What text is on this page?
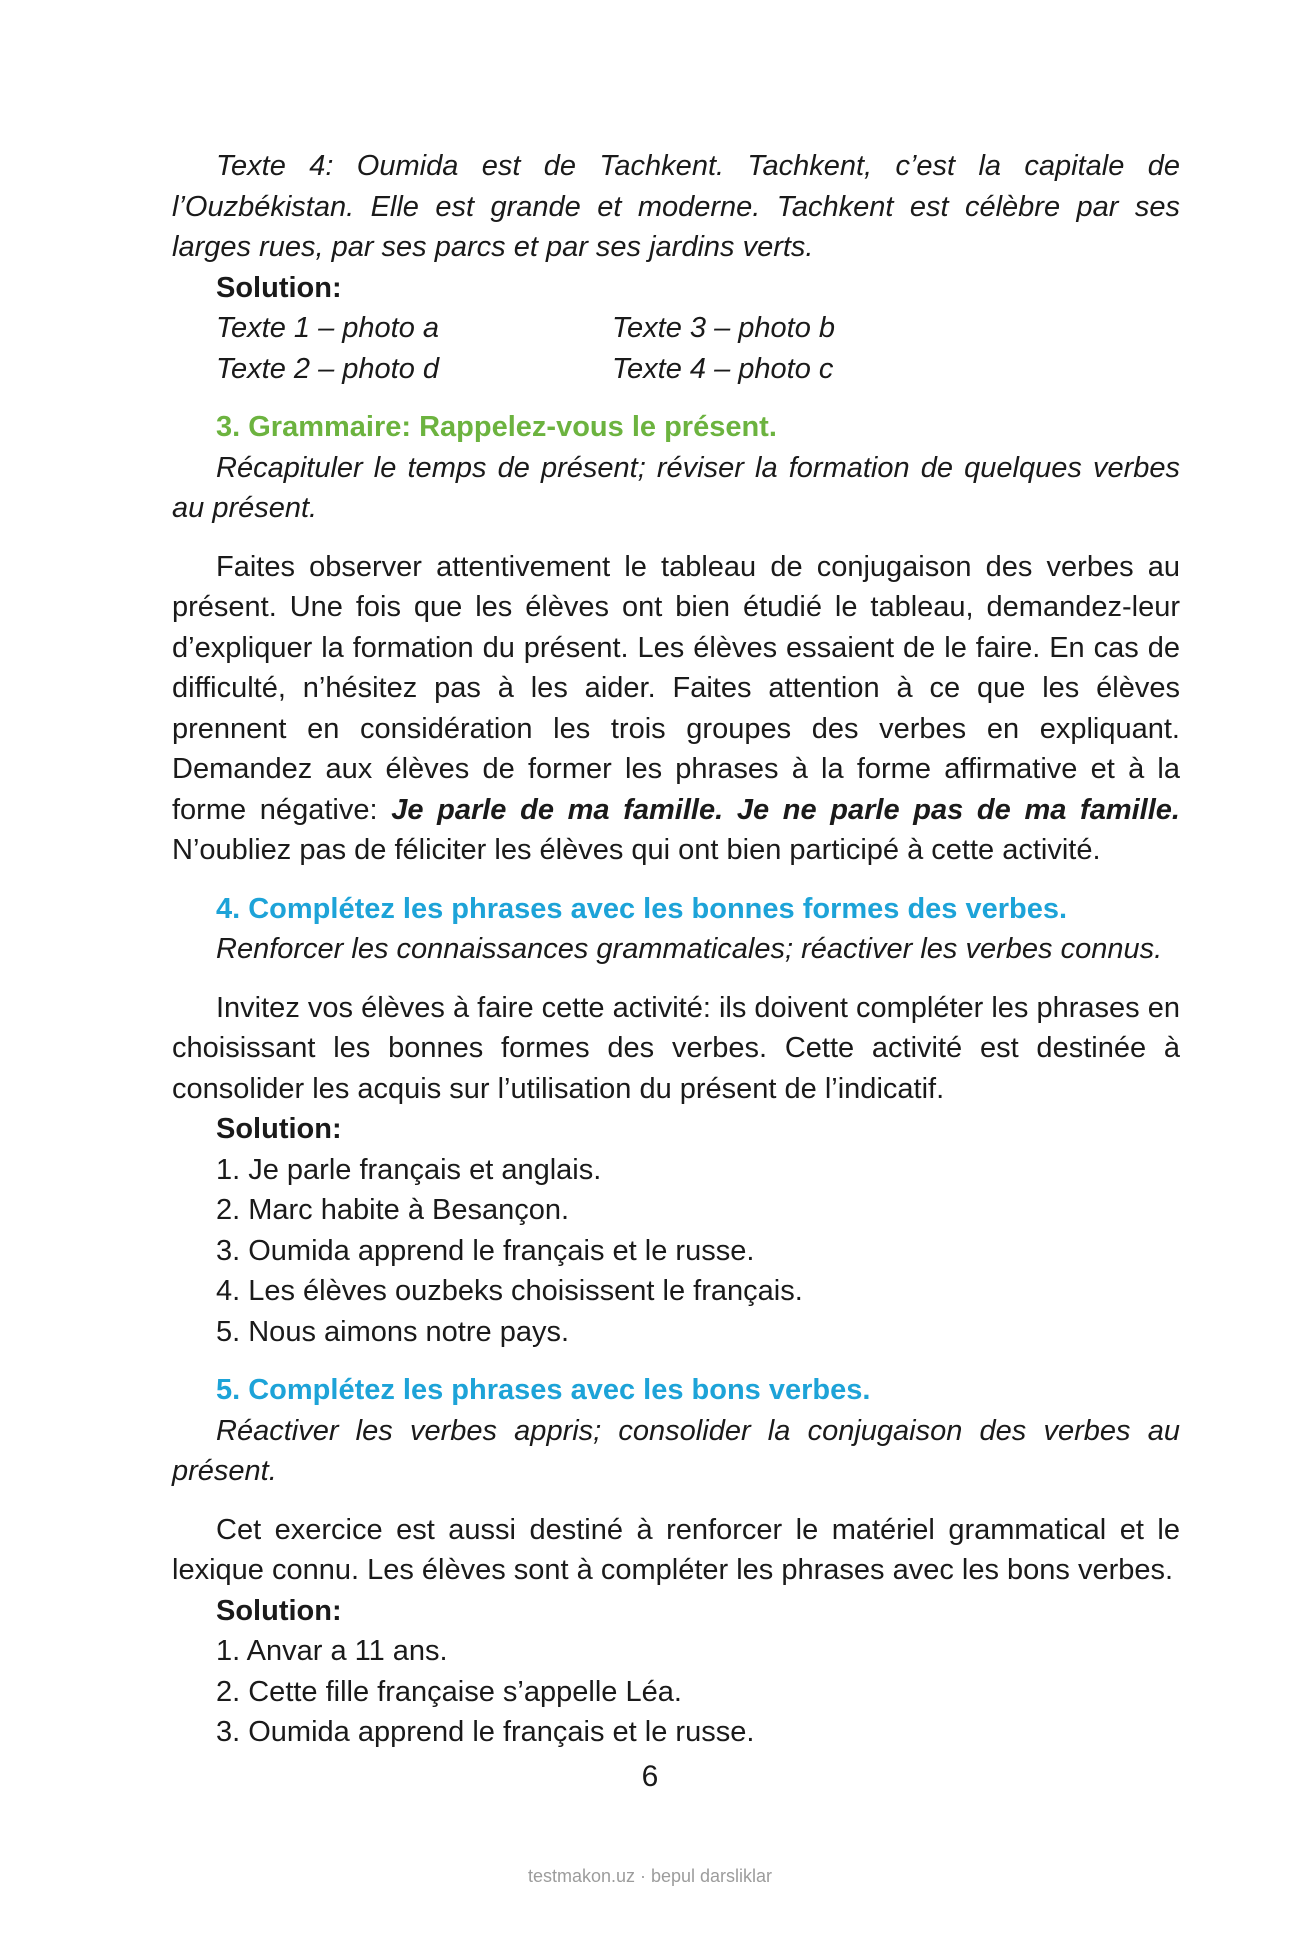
Texte 4: Oumida est de Tachkent. Tachkent, c’est la capitale de l’Ouzbékistan. Elle est grande et moderne. Tachkent est célèbre par ses larges rues, par ses parcs et par ses jardins verts.

Solution:

Texte 1 – photo a	Texte 3 – photo b
Texte 2 – photo d	Texte 4 – photo c

3. Grammaire: Rappelez-vous le présent.

Récapituler le temps de présent; réviser la formation de quelques verbes au présent.

Faites observer attentivement le tableau de conjugaison des verbes au présent. Une fois que les élèves ont bien étudié le tableau, demandez-leur d’expliquer la formation du présent. Les élèves essaient de le faire. En cas de difficulté, n’hésitez pas à les aider. Faites attention à ce que les élèves prennent en considération les trois groupes des verbes en expliquant. Demandez aux élèves de former les phrases à la forme affirmative et à la forme négative: Je parle de ma famille. Je ne parle pas de ma famille. N’oubliez pas de féliciter les élèves qui ont bien participé à cette activité.

4. Complétez les phrases avec les bonnes formes des verbes.

Renforcer les connaissances grammaticales; réactiver les verbes connus.

Invitez vos élèves à faire cette activité: ils doivent compléter les phrases en choisissant les bonnes formes des verbes. Cette activité est destinée à consolider les acquis sur l’utilisation du présent de l’indicatif.

Solution:

1. Je parle français et anglais.

2. Marc habite à Besançon.

3. Oumida apprend le français et le russe.

4. Les élèves ouzbeks choisissent le français.

5. Nous aimons notre pays.

5. Complétez les phrases avec les bons verbes.

Réactiver les verbes appris; consolider la conjugaison des verbes au présent.

Cet exercice est aussi destiné à renforcer le matériel grammatical et le lexique connu. Les élèves sont à compléter les phrases avec les bons verbes.

Solution:

1. Anvar a 11 ans.

2. Cette fille française s’appelle Léa.

3. Oumida apprend le français et le russe.

6
testmakon.uz · bepul darsliklar
